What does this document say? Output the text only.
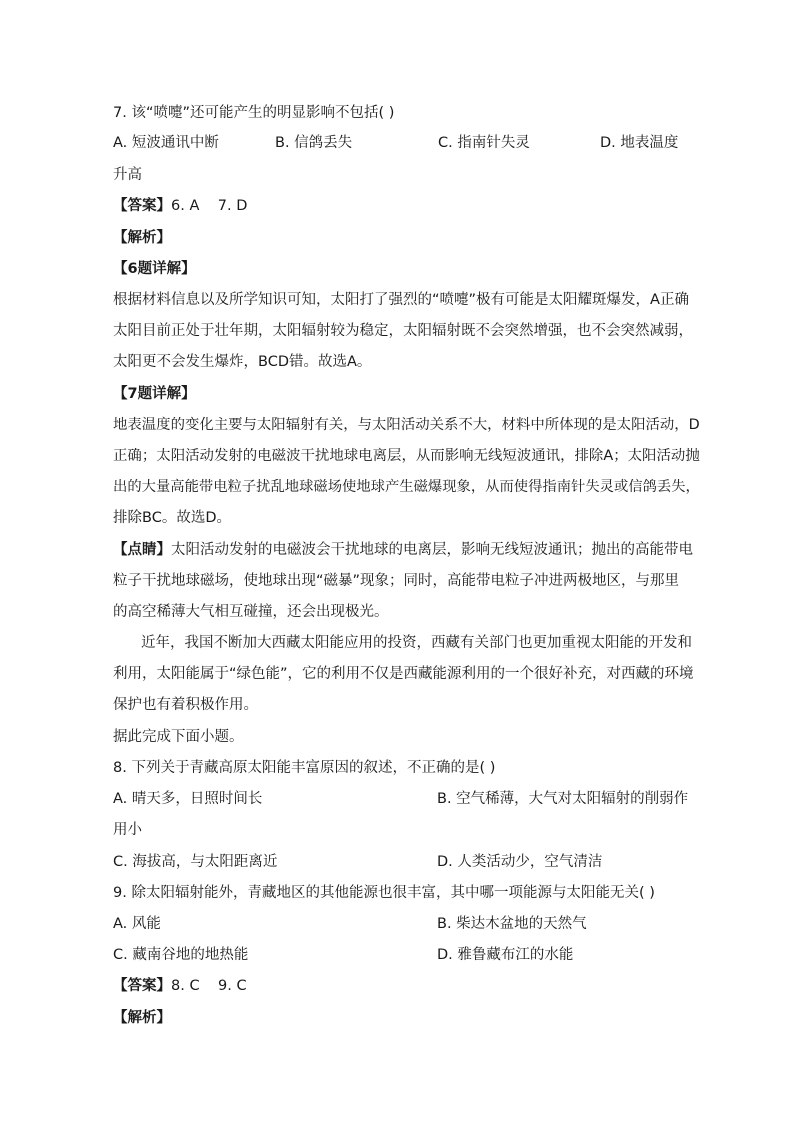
7. 该“喷嚏”还可能产生的明显影响不包括( )
A. 短波通讯中断	B. 信鸽丢失	C. 指南针失灵	D. 地表温度
升高
【答案】6. A    7. D
【解析】
【6题详解】
根据材料信息以及所学知识可知，太阳打了强烈的“喷嚏”极有可能是太阳耀斑爆发，A正确
太阳目前正处于壮年期，太阳辐射较为稳定，太阳辐射既不会突然增强，也不会突然减弱，
太阳更不会发生爆炸，BCD错。故选A。
【7题详解】
地表温度的变化主要与太阳辐射有关，与太阳活动关系不大，材料中所体现的是太阳活动，D
正确；太阳活动发射的电磁波干扰地球电离层，从而影响无线短波通讯，排除A；太阳活动抛
出的大量高能带电粒子扰乱地球磁场使地球产生磁爆现象，从而使得指南针失灵或信鸽丢失，
排除BC。故选D。
【点睛】太阳活动发射的电磁波会干扰地球的电离层，影响无线短波通讯；抛出的高能带电
粒子干扰地球磁场，使地球出现“磁暴”现象；同时，高能带电粒子冲进两极地区，与那里
的高空稀薄大气相互碰撞，还会出现极光。
近年，我国不断加大西藏太阳能应用的投资，西藏有关部门也更加重视太阳能的开发和
利用，太阳能属于“绿色能”，它的利用不仅是西藏能源利用的一个很好补充，对西藏的环境
保护也有着积极作用。
据此完成下面小题。
8. 下列关于青藏高原太阳能丰富原因的叙述，不正确的是( )
A. 晴天多，日照时间长	B. 空气稀薄，大气对太阳辐射的削弱作
用小
C. 海拔高，与太阳距离近	D. 人类活动少，空气清洁
9. 除太阳辐射能外，青藏地区的其他能源也很丰富，其中哪一项能源与太阳能无关( )
A. 风能	B. 柴达木盆地的天然气
C. 藏南谷地的地热能	D. 雅鲁藏布江的水能
【答案】8. C    9. C
【解析】
